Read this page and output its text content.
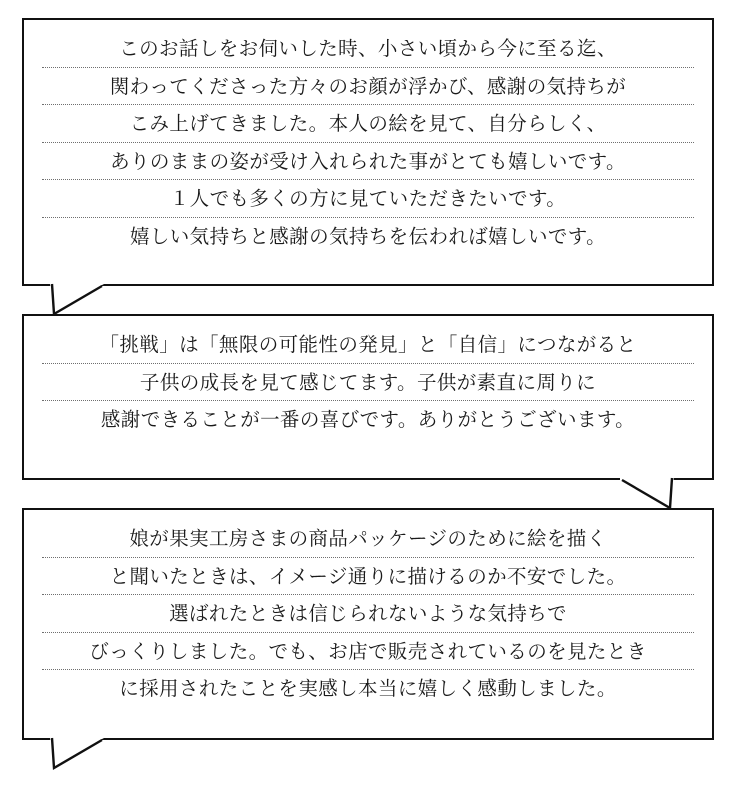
このお話しをお伺いした時、小さい頃から今に至る迄、
関わってくださった方々のお顔が浮かび、感謝の気持ちが
こみ上げてきました。本人の絵を見て、自分らしく、
ありのままの姿が受け入れられた事がとても嬉しいです。
１人でも多くの方に見ていただきたいです。
嬉しい気持ちと感謝の気持ちを伝われば嬉しいです。
「挑戦」は「無限の可能性の発見」と「自信」につながると
子供の成長を見て感じてます。子供が素直に周りに
感謝できることが一番の喜びです。ありがとうございます。
娘が果実工房さまの商品パッケージのために絵を描く
と聞いたときは、イメージ通りに描けるのか不安でした。
選ばれたときは信じられないような気持ちで
びっくりしました。でも、お店で販売されているのを見たとき
に採用されたことを実感し本当に嬉しく感動しました。
